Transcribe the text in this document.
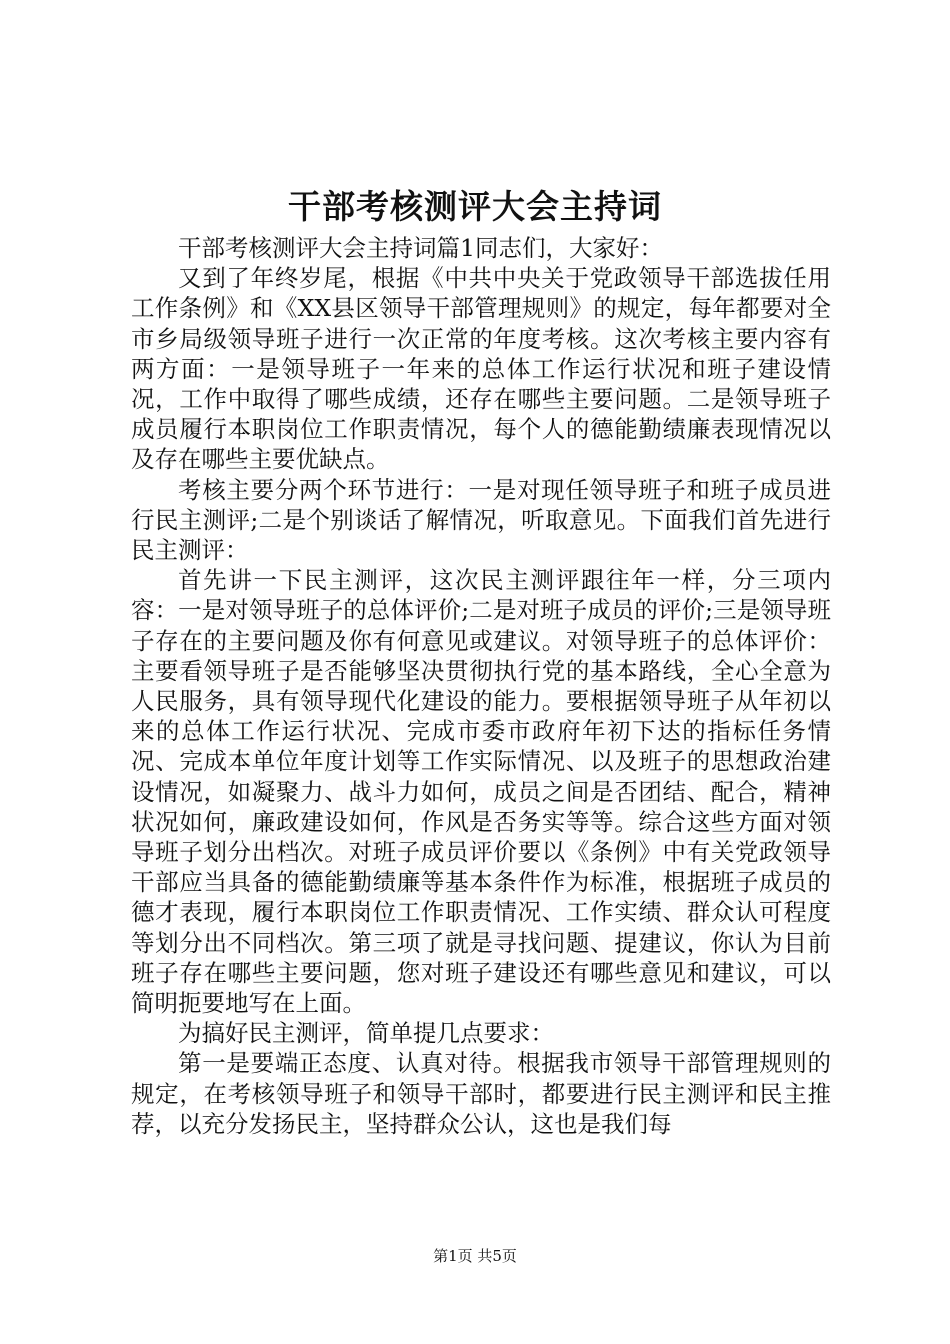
干部考核测评大会主持词

干部考核测评大会主持词篇1同志们，大家好：

又到了年终岁尾，根据《中共中央关于党政领导干部选拔任用工作条例》和《XX县区领导干部管理规则》的规定，每年都要对全市乡局级领导班子进行一次正常的年度考核。这次考核主要内容有两方面：一是领导班子一年来的总体工作运行状况和班子建设情况，工作中取得了哪些成绩，还存在哪些主要问题。二是领导班子成员履行本职岗位工作职责情况，每个人的德能勤绩廉表现情况以及存在哪些主要优缺点。

考核主要分两个环节进行：一是对现任领导班子和班子成员进行民主测评;二是个别谈话了解情况，听取意见。下面我们首先进行民主测评：

首先讲一下民主测评，这次民主测评跟往年一样，分三项内容：一是对领导班子的总体评价;二是对班子成员的评价;三是领导班子存在的主要问题及你有何意见或建议。对领导班子的总体评价：主要看领导班子是否能够坚决贯彻执行党的基本路线，全心全意为人民服务，具有领导现代化建设的能力。要根据领导班子从年初以来的总体工作运行状况、完成市委市政府年初下达的指标任务情况、完成本单位年度计划等工作实际情况、以及班子的思想政治建设情况，如凝聚力、战斗力如何，成员之间是否团结、配合，精神状况如何，廉政建设如何，作风是否务实等等。综合这些方面对领导班子划分出档次。对班子成员评价要以《条例》中有关党政领导干部应当具备的德能勤绩廉等基本条件作为标准，根据班子成员的德才表现，履行本职岗位工作职责情况、工作实绩、群众认可程度等划分出不同档次。第三项了就是寻找问题、提建议，你认为目前班子存在哪些主要问题，您对班子建设还有哪些意见和建议，可以简明扼要地写在上面。

为搞好民主测评，简单提几点要求：

第一是要端正态度、认真对待。根据我市领导干部管理规则的规定，在考核领导班子和领导干部时，都要进行民主测评和民主推荐，以充分发扬民主，坚持群众公认，这也是我们每

第1页 共5页
